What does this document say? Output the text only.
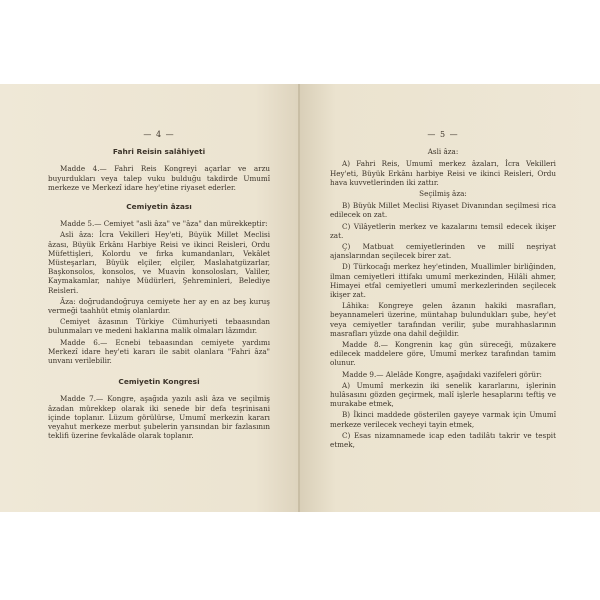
— 4 —
Fahri Reisin salâhiyeti

Madde 4.— Fahri Reis Kongreyi açarlar ve arzu buyurdukları veya talep vuku bulduğu takdirde Umumî merkeze ve Merkezî idare hey'etine riyaset ederler.

Cemiyetin âzası

Madde 5.— Cemiyet "asli âza" ve "âza" dan mürekkeptir:

Asli âza: İcra Vekilleri Hey'eti, Büyük Millet Meclisi âzası, Büyük Erkânı Harbiye Reisi ve ikinci Reisleri, Ordu Müfettişleri, Kolordu ve fırka kumandanları, Vekâlet Müsteşarları, Büyük elçiler, elçiler, Maslahatgüzarlar, Başkonsolos, konsolos, ve Muavin konsolosları, Valiler, Kaymakamlar, nahiye Müdürleri, Şehreminleri, Belediye Reisleri.

Âza: doğrudandoğruya cemiyete her ay en az beş kuruş vermeği taahhüt etmiş olanlardır.

Cemiyet âzasının Türkiye Cümhuriyeti tebaasından bulunmaları ve medeni haklarına malik olmaları lâzımdır.

Madde 6.— Ecnebi tebaasından cemiyete yardımı Merkezî idare hey'eti kararı ile sabit olanlara "Fahri âza" unvanı verilebilir.

Cemiyetin Kongresi

Madde 7.— Kongre, aşağıda yazılı asli âza ve seçilmiş âzadan mürekkep olarak iki senede bir defa teşrinisani içinde toplanır. Lüzum görülürse, Umumî merkezin kararı veyahut merkeze merbut şubelerin yarısından bir fazlasının teklifi üzerine fevkalâde olarak toplanır.

— 5 —
Asli âza:

A) Fahri Reis, Umumî merkez âzaları, İcra Vekilleri Hey'eti, Büyük Erkânı harbiye Reisi ve ikinci Reisleri, Ordu hava kuvvetlerinden iki zattır.

Seçilmiş âza:

B) Büyük Millet Meclisi Riyaset Divanından seçilmesi rica edilecek on zat.

C) Vilâyetlerin merkez ve kazalarını temsil edecek ikişer zat.

Ç) Matbuat cemiyetlerinden ve millî neşriyat ajanslarından seçilecek birer zat.

D) Türkocağı merkez hey'etinden, Muallimler birliğinden, ilman cemiyetleri ittifakı umumî merkezinden, Hilâli ahmer, Himayei etfal cemiyetleri umumî merkezlerinden seçilecek ikişer zat.

Lâhika: Kongreye gelen âzanın hakiki masrafları, beyannameleri üzerine, müntahap bulundukları şube, hey'et veya cemiyetler tarafından verilir, şube murahhaslarının masrafları yüzde ona dahil değildir.

Madde 8.— Kongrenin kaç gün süreceği, müzakere edilecek maddelere göre, Umumî merkez tarafından tamim olunur.

Madde 9.— Alelâde Kongre, aşağıdaki vazifeleri görür:

A) Umumî merkezin iki senelik kararlarını, işlerinin hulâsasını gözden geçirmek, malî işlerle hesaplarını teftiş ve murakabe etmek,

B) İkinci maddede gösterilen gayeye varmak için Umumî merkeze verilecek vecheyi tayin etmek,

C) Esas nizamnamede icap eden tadilâtı takrir ve tespit etmek,
